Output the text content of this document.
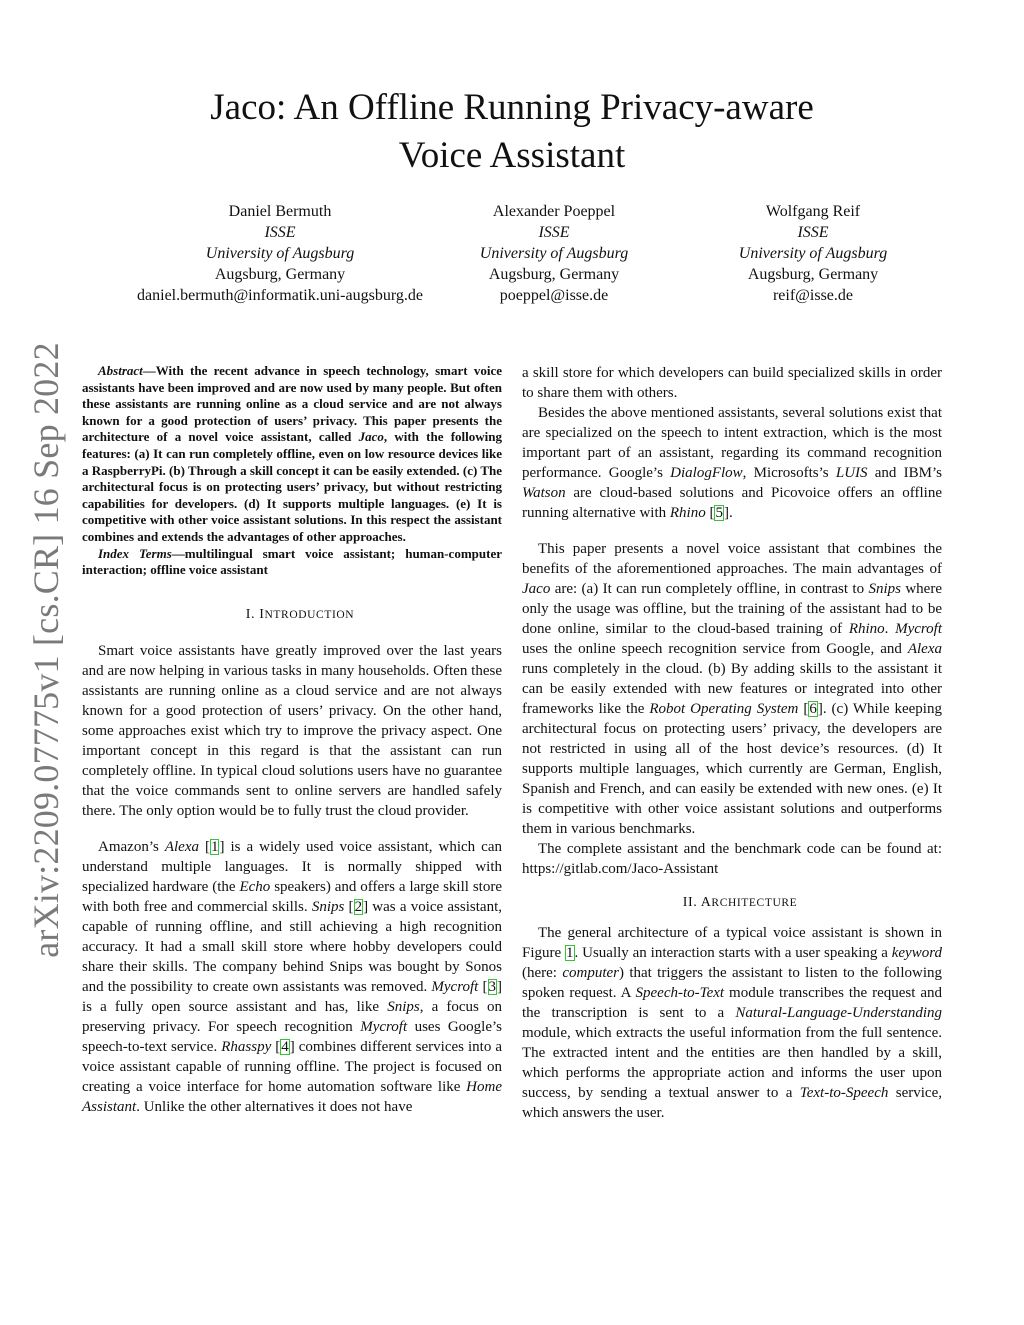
arXiv:2209.07775v1 [cs.CR] 16 Sep 2022
Jaco: An Offline Running Privacy-aware
Voice Assistant
Daniel Bermuth
ISSE
University of Augsburg
Augsburg, Germany
daniel.bermuth@informatik.uni-augsburg.de
Alexander Poeppel
ISSE
University of Augsburg
Augsburg, Germany
poeppel@isse.de
Wolfgang Reif
ISSE
University of Augsburg
Augsburg, Germany
reif@isse.de

Abstract—With the recent advance in speech technology, smart voice assistants have been improved and are now used by many people. But often these assistants are running online as a cloud service and are not always known for a good protection of users’ privacy. This paper presents the architecture of a novel voice assistant, called Jaco, with the following features: (a) It can run completely offline, even on low resource devices like a RaspberryPi. (b) Through a skill concept it can be easily extended. (c) The architectural focus is on protecting users’ privacy, but without restricting capabilities for developers. (d) It supports multiple languages. (e) It is competitive with other voice assistant solutions. In this respect the assistant combines and extends the advantages of other approaches.

Index Terms—multilingual smart voice assistant; human-computer interaction; offline voice assistant

I. INTRODUCTION

Smart voice assistants have greatly improved over the last years and are now helping in various tasks in many households. Often these assistants are running online as a cloud service and are not always known for a good protection of users’ privacy. On the other hand, some approaches exist which try to improve the privacy aspect. One important concept in this regard is that the assistant can run completely offline. In typical cloud solutions users have no guarantee that the voice commands sent to online servers are handled safely there. The only option would be to fully trust the cloud provider.

Amazon’s Alexa [1] is a widely used voice assistant, which can understand multiple languages. It is normally shipped with specialized hardware (the Echo speakers) and offers a large skill store with both free and commercial skills. Snips [2] was a voice assistant, capable of running offline, and still achieving a high recognition accuracy. It had a small skill store where hobby developers could share their skills. The company behind Snips was bought by Sonos and the possibility to create own assistants was removed. Mycroft [3] is a fully open source assistant and has, like Snips, a focus on preserving privacy. For speech recognition Mycroft uses Google’s speech-to-text service. Rhasspy [4] combines different services into a voice assistant capable of running offline. The project is focused on creating a voice interface for home automation software like Home Assistant. Unlike the other alternatives it does not have

a skill store for which developers can build specialized skills in order to share them with others.

Besides the above mentioned assistants, several solutions exist that are specialized on the speech to intent extraction, which is the most important part of an assistant, regarding its command recognition performance. Google’s DialogFlow, Microsofts’s LUIS and IBM’s Watson are cloud-based solutions and Picovoice offers an offline running alternative with Rhino [5].

This paper presents a novel voice assistant that combines the benefits of the aforementioned approaches. The main advantages of Jaco are: (a) It can run completely offline, in contrast to Snips where only the usage was offline, but the training of the assistant had to be done online, similar to the cloud-based training of Rhino. Mycroft uses the online speech recognition service from Google, and Alexa runs completely in the cloud. (b) By adding skills to the assistant it can be easily extended with new features or integrated into other frameworks like the Robot Operating System [6]. (c) While keeping architectural focus on protecting users’ privacy, the developers are not restricted in using all of the host device’s resources. (d) It supports multiple languages, which currently are German, English, Spanish and French, and can easily be extended with new ones. (e) It is competitive with other voice assistant solutions and outperforms them in various benchmarks.

The complete assistant and the benchmark code can be found at: https://gitlab.com/Jaco-Assistant

II. ARCHITECTURE

The general architecture of a typical voice assistant is shown in Figure 1. Usually an interaction starts with a user speaking a keyword (here: computer) that triggers the assistant to listen to the following spoken request. A Speech-to-Text module transcribes the request and the transcription is sent to a Natural-Language-Understanding module, which extracts the useful information from the full sentence. The extracted intent and the entities are then handled by a skill, which performs the appropriate action and informs the user upon success, by sending a textual answer to a Text-to-Speech service, which answers the user.
